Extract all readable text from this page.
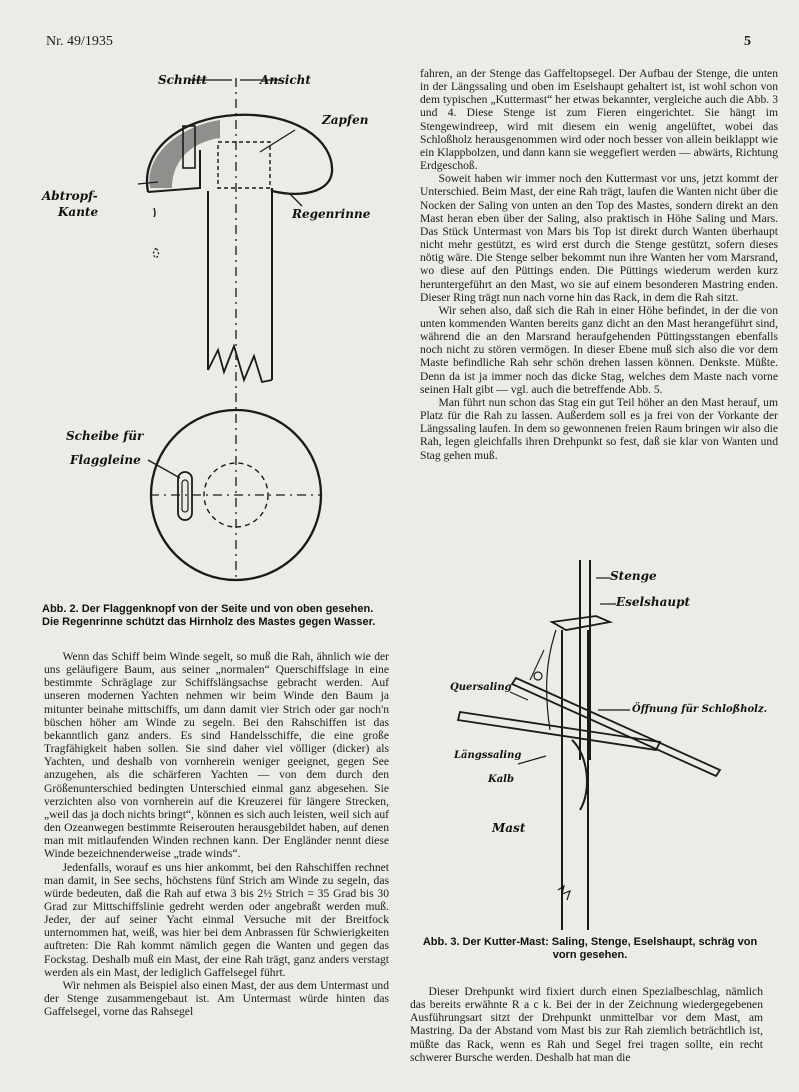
Nr. 49/1935	5
Schnitt	Ansicht
Zapfen
Abtropf-
Kante	Regenrinne
Scheibe für
Flaggleine
Abb. 2. Der Flaggenknopf von der Seite und von oben gesehen.
Die Regenrinne schützt das Hirnholz des Mastes gegen Wasser.

fahren, an der Stenge das Gaffeltopsegel. Der Aufbau der Stenge, die unten in der Längssaling und oben im Eselshaupt gehaltert ist, ist wohl schon von dem typischen „Kuttermast“ her etwas bekannter, vergleiche auch die Abb. 3 und 4. Diese Stenge ist zum Fieren eingerichtet. Sie hängt im Stengewindreep, wird mit diesem ein wenig angelüftet, wobei das Schloßholz herausgenommen wird oder noch besser von allein beiklappt wie ein Klappbolzen, und dann kann sie weggefiert werden — abwärts, Richtung Erdgeschoß.

Soweit haben wir immer noch den Kuttermast vor uns, jetzt kommt der Unterschied. Beim Mast, der eine Rah trägt, laufen die Wanten nicht über die Nocken der Saling von unten an den Top des Mastes, sondern direkt an den Mast heran eben über der Saling, also praktisch in Höhe Saling und Mars. Das Stück Untermast von Mars bis Top ist direkt durch Wanten überhaupt nicht mehr gestützt, es wird erst durch die Stenge gestützt, sofern dieses nötig wäre. Die Stenge selber bekommt nun ihre Wanten her vom Marsrand, wo diese auf den Püttings enden. Die Püttings wiederum werden kurz heruntergeführt an den Mast, wo sie auf einem besonderen Mastring enden. Dieser Ring trägt nun nach vorne hin das Rack, in dem die Rah sitzt.

Wir sehen also, daß sich die Rah in einer Höhe befindet, in der die von unten kommenden Wanten bereits ganz dicht an den Mast herangeführt sind, während die an den Marsrand heraufgehenden Püttingsstangen ebenfalls noch nicht zu stören vermögen. In dieser Ebene muß sich also die vor dem Maste befindliche Rah sehr schön drehen lassen können. Denkste. Müßte. Denn da ist ja immer noch das dicke Stag, welches dem Maste nach vorne seinen Halt gibt — vgl. auch die betreffende Abb. 5.

Man führt nun schon das Stag ein gut Teil höher an den Mast herauf, um Platz für die Rah zu lassen. Außerdem soll es ja frei von der Vorkante der Längssaling laufen. In dem so gewonnenen freien Raum bringen wir also die Rah, legen gleichfalls ihren Drehpunkt so fest, daß sie klar von Wanten und Stag gehen muß.

Stenge
Eselshaupt
Quersaling
Öffnung für Schloßholz.
Längssaling
Kalb
Mast
Abb. 3. Der Kutter-Mast: Saling, Stenge, Eselshaupt, schräg von
vorn gesehen.

Wenn das Schiff beim Winde segelt, so muß die Rah, ähnlich wie der uns geläufigere Baum, aus seiner „normalen“ Querschiffslage in eine bestimmte Schräglage zur Schiffslängsachse gebracht werden. Auf unseren modernen Yachten nehmen wir beim Winde den Baum ja mitunter beinahe mittschiffs, um dann damit vier Strich oder gar noch'n büschen höher am Winde zu segeln. Bei den Rahschiffen ist das bekanntlich ganz anders. Es sind Handelsschiffe, die eine große Tragfähigkeit haben sollen. Sie sind daher viel völliger (dicker) als Yachten, und deshalb von vornherein weniger geeignet, gegen See anzugehen, als die schärferen Yachten — von dem durch den Größenunterschied bedingten Unterschied einmal ganz abgesehen. Sie verzichten also von vornherein auf die Kreuzerei für längere Strecken, „weil das ja doch nichts bringt“, können es sich auch leisten, weil sich auf den Ozeanwegen bestimmte Reiserouten herausgebildet haben, auf denen man mit mitlaufenden Winden rechnen kann. Der Engländer nennt diese Winde bezeichnenderweise „trade winds“.

Jedenfalls, worauf es uns hier ankommt, bei den Rahschiffen rechnet man damit, in See sechs, höchstens fünf Strich am Winde zu segeln, das würde bedeuten, daß die Rah auf etwa 3 bis 2½ Strich = 35 Grad bis 30 Grad zur Mittschiffslinie gedreht werden oder angebraßt werden muß. Jeder, der auf seiner Yacht einmal Versuche mit der Breitfock unternommen hat, weiß, was hier bei dem Anbrassen für Schwierigkeiten auftreten: Die Rah kommt nämlich gegen die Wanten und gegen das Fockstag. Deshalb muß ein Mast, der eine Rah trägt, ganz anders verstagt werden als ein Mast, der lediglich Gaffelsegel führt.

Wir nehmen als Beispiel also einen Mast, der aus dem Untermast und der Stenge zusammengebaut ist. Am Untermast würde hinten das Gaffelsegel, vorne das Rahsegel

Dieser Drehpunkt wird fixiert durch einen Spezialbeschlag, nämlich das bereits erwähnte R a c k. Bei der in der Zeichnung wiedergegebenen Ausführungsart sitzt der Drehpunkt unmittelbar vor dem Mast, am Mastring. Da der Abstand vom Mast bis zur Rah ziemlich beträchtlich ist, müßte das Rack, wenn es Rah und Segel frei tragen sollte, ein recht schwerer Bursche werden. Deshalb hat man die
